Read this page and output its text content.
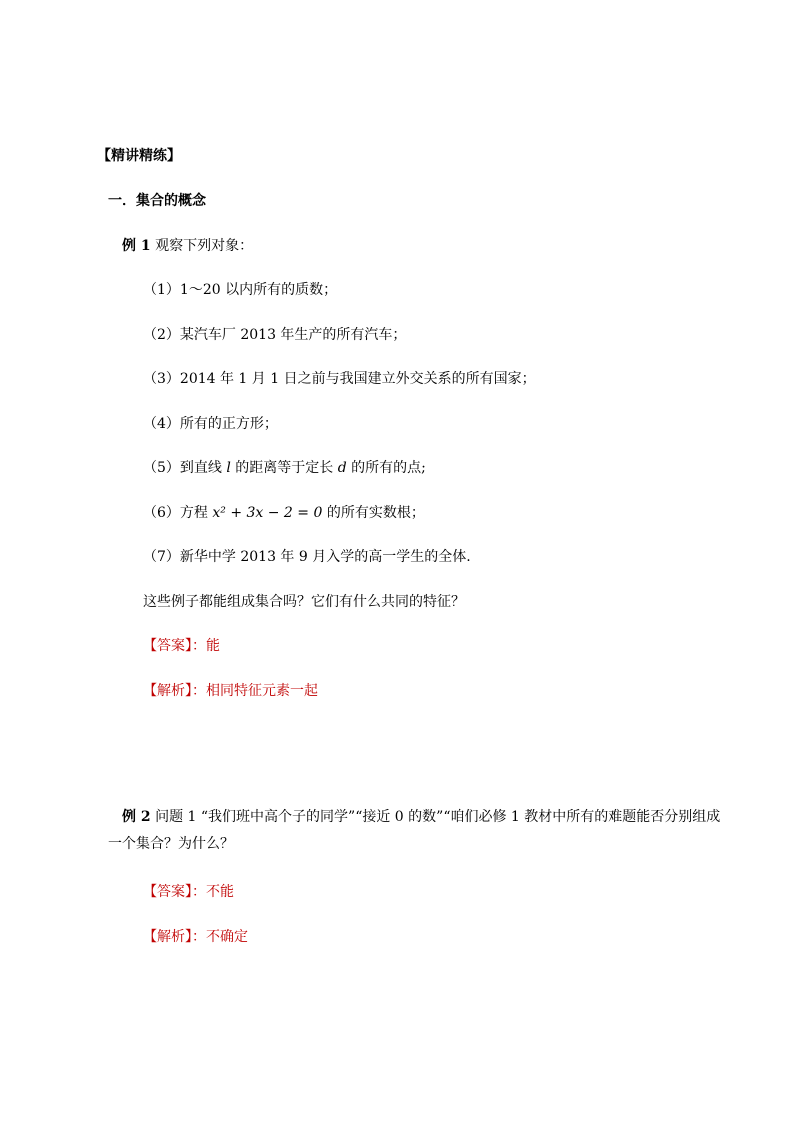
【精讲精练】
一．集合的概念
例 1 观察下列对象：
（1）1～20 以内所有的质数；
（2）某汽车厂 2013 年生产的所有汽车；
（3）2014 年 1 月 1 日之前与我国建立外交关系的所有国家；
（4）所有的正方形；
（5）到直线 l 的距离等于定长 d 的所有的点;
（6）方程 x² + 3x − 2 = 0 的所有实数根；
（7）新华中学 2013 年 9 月入学的高一学生的全体.
这些例子都能组成集合吗？它们有什么共同的特征？
【答案】：能
【解析】：相同特征元素一起
例 2 问题 1 “我们班中高个子的同学”“接近 0 的数”“咱们必修 1 教材中所有的难题能否分别组成
一个集合？为什么？
【答案】：不能
【解析】：不确定
